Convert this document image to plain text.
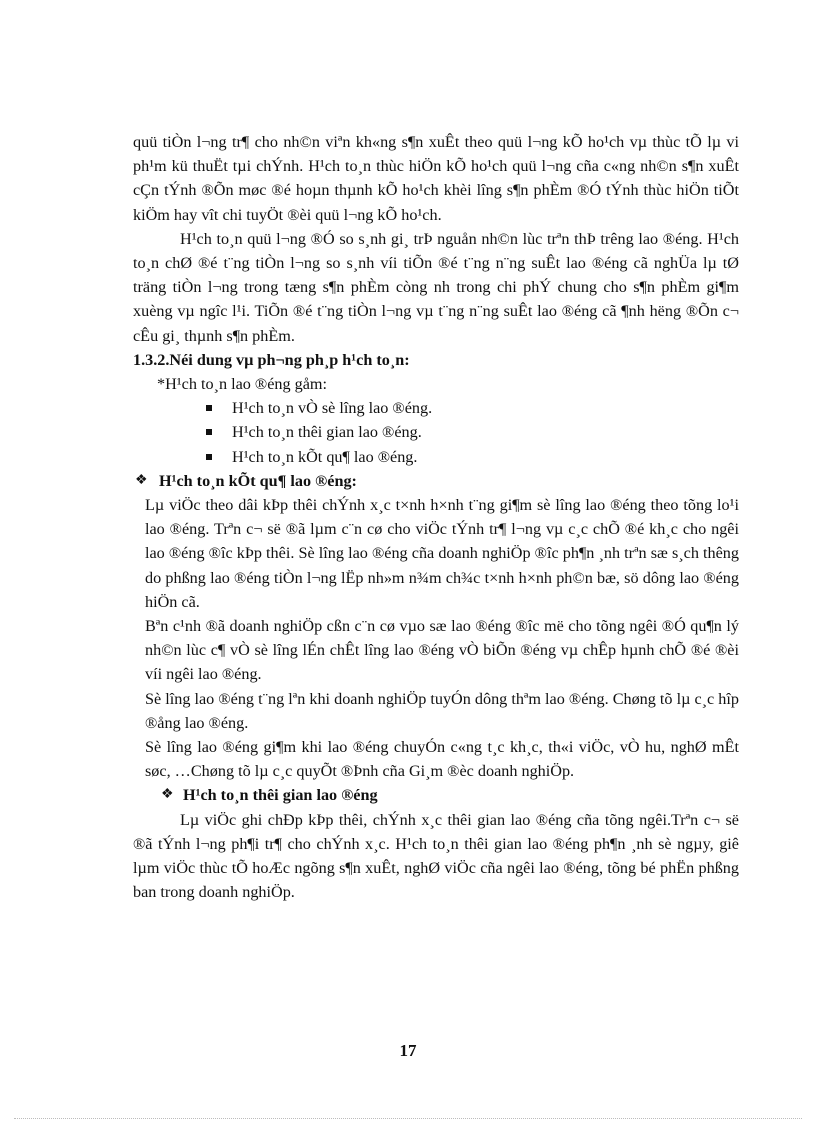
quü tiÒn l¬ng tr¶ cho nh©n viªn kh«ng s¶n xuÊt theo quü l¬ng kÕ ho¹ch vµ thùc tÕ lµ vi ph¹m kü thuËt tµi chÝnh. H¹ch to¸n thùc hiÖn kÕ ho¹ch quü l¬ng cña c«ng nh©n s¶n xuÊt cÇn tÝnh ®Õn møc ®é hoµn thµnh kÕ ho¹ch khèi lîng s¶n phÈm ®Ó tÝnh thùc hiÖn tiÕt kiÖm hay vît chi tuyÖt ®èi quü l¬ng kÕ ho¹ch.

H¹ch to¸n quü l¬ng ®Ó so s¸nh gi¸ trÞ nguån nh©n lùc trªn thÞ trêng lao ®éng. H¹ch to¸n chØ ®é t¨ng tiÒn l¬ng so s¸nh víi tiÕn ®é t¨ng n¨ng suÊt lao ®éng cã nghÜa lµ tØ träng tiÒn l¬ng trong tæng s¶n phÈm còng nh trong chi phÝ chung cho s¶n phÈm gi¶m xuèng vµ ngîc l¹i. TiÕn ®é t¨ng tiÒn l¬ng vµ t¨ng n¨ng suÊt lao ®éng cã ¶nh hëng ®Õn c¬ cÊu gi¸ thµnh s¶n phÈm.

1.3.2.Néi dung vµ ph¬ng ph¸p h¹ch to¸n:

*H¹ch to¸n lao ®éng gåm:

H¹ch to¸n vÒ sè lîng lao ®éng.
H¹ch to¸n thêi gian lao ®éng.
H¹ch to¸n kÕt qu¶ lao ®éng.

❖ H¹ch to¸n kÕt qu¶ lao ®éng:

Lµ viÖc theo dâi kÞp thêi chÝnh x¸c t×nh h×nh t¨ng gi¶m sè lîng lao ®éng theo tõng lo¹i lao ®éng. Trªn c¬ së ®ã lµm c¨n cø cho viÖc tÝnh tr¶ l¬ng vµ c¸c chÕ ®é kh¸c cho ngêi lao ®éng ®îc kÞp thêi. Sè lîng lao ®éng cña doanh nghiÖp ®îc ph¶n ¸nh trªn sæ s¸ch thêng do phßng lao ®éng tiÒn l¬ng lËp nh»m n¾m ch¾c t×nh h×nh ph©n bæ, sö dông lao ®éng hiÖn cã.

Bªn c¹nh ®ã doanh nghiÖp cßn c¨n cø vµo sæ lao ®éng ®îc më cho tõng ngêi ®Ó qu¶n lý nh©n lùc c¶ vÒ sè lîng lÉn chÊt lîng lao ®éng vÒ biÕn ®éng vµ chÊp hµnh chÕ ®é ®èi víi ngêi lao ®éng.

Sè lîng lao ®éng t¨ng lªn khi doanh nghiÖp tuyÓn dông thªm lao ®éng. Chøng tõ lµ c¸c hîp ®ång lao ®éng.

Sè lîng lao ®éng gi¶m khi lao ®éng chuyÓn c«ng t¸c kh¸c, th«i viÖc, vÒ hu, nghØ mÊt søc, …Chøng tõ lµ c¸c quyÕt ®Þnh cña Gi¸m ®èc doanh nghiÖp.

❖ H¹ch to¸n thêi gian lao ®éng

Lµ viÖc ghi chÐp kÞp thêi, chÝnh x¸c thêi gian lao ®éng cña tõng ngêi.Trªn c¬ së ®ã tÝnh l¬ng ph¶i tr¶ cho chÝnh x¸c. H¹ch to¸n thêi gian lao ®éng ph¶n ¸nh sè ngµy, giê lµm viÖc thùc tÕ hoÆc ngõng s¶n xuÊt, nghØ viÖc cña ngêi lao ®éng, tõng bé phËn phßng ban trong doanh nghiÖp.

17
